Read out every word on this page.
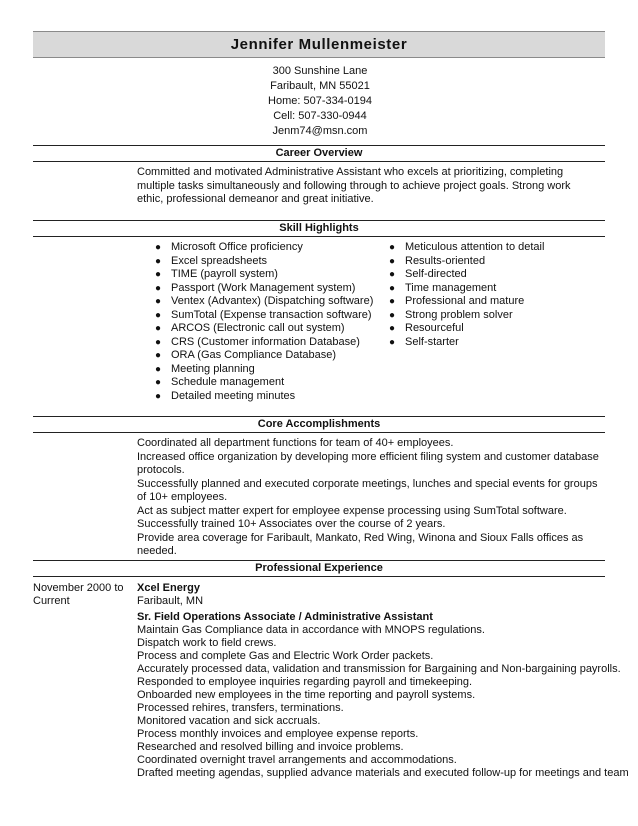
Jennifer Mullenmeister
300 Sunshine Lane
Faribault, MN 55021
Home: 507-334-0194
Cell: 507-330-0944
Jenm74@msn.com
Career Overview

Committed and motivated Administrative Assistant who excels at prioritizing, completing multiple tasks simultaneously and following through to achieve project goals. Strong work ethic, professional demeanor and great initiative.

Skill Highlights
● Microsoft Office proficiency
● Excel spreadsheets
● TIME (payroll system)
● Passport (Work Management system)
● Ventex (Advantex) (Dispatching software)
● SumTotal (Expense transaction software)
● ARCOS (Electronic call out system)
● CRS (Customer information Database)
● ORA (Gas Compliance Database)
● Meeting planning
● Schedule management
● Detailed meeting minutes
● Meticulous attention to detail
● Results-oriented
● Self-directed
● Time management
● Professional and mature
● Strong problem solver
● Resourceful
● Self-starter
Core Accomplishments

Coordinated all department functions for team of 40+ employees.

Increased office organization by developing more efficient filing system and customer database protocols.

Successfully planned and executed corporate meetings, lunches and special events for groups of 10+ employees.

Act as subject matter expert for employee expense processing using SumTotal software.

Successfully trained 10+ Associates over the course of 2 years.

Provide area coverage for Faribault, Mankato, Red Wing, Winona and Sioux Falls offices as needed.

Professional Experience
November 2000 to
Current
Xcel Energy
Faribault, MN
Sr. Field Operations Associate / Administrative Assistant
Maintain Gas Compliance data in accordance with MNOPS regulations.
Dispatch work to field crews.
Process and complete Gas and Electric Work Order packets.
Accurately processed data, validation and transmission for Bargaining and Non-bargaining payrolls.
Responded to employee inquiries regarding payroll and timekeeping.
Onboarded new employees in the time reporting and payroll systems.
Processed rehires, transfers, terminations.
Monitored vacation and sick accruals.
Process monthly invoices and employee expense reports.
Researched and resolved billing and invoice problems.
Coordinated overnight travel arrangements and accommodations.
Drafted meeting agendas, supplied advance materials and executed follow-up for meetings and team
